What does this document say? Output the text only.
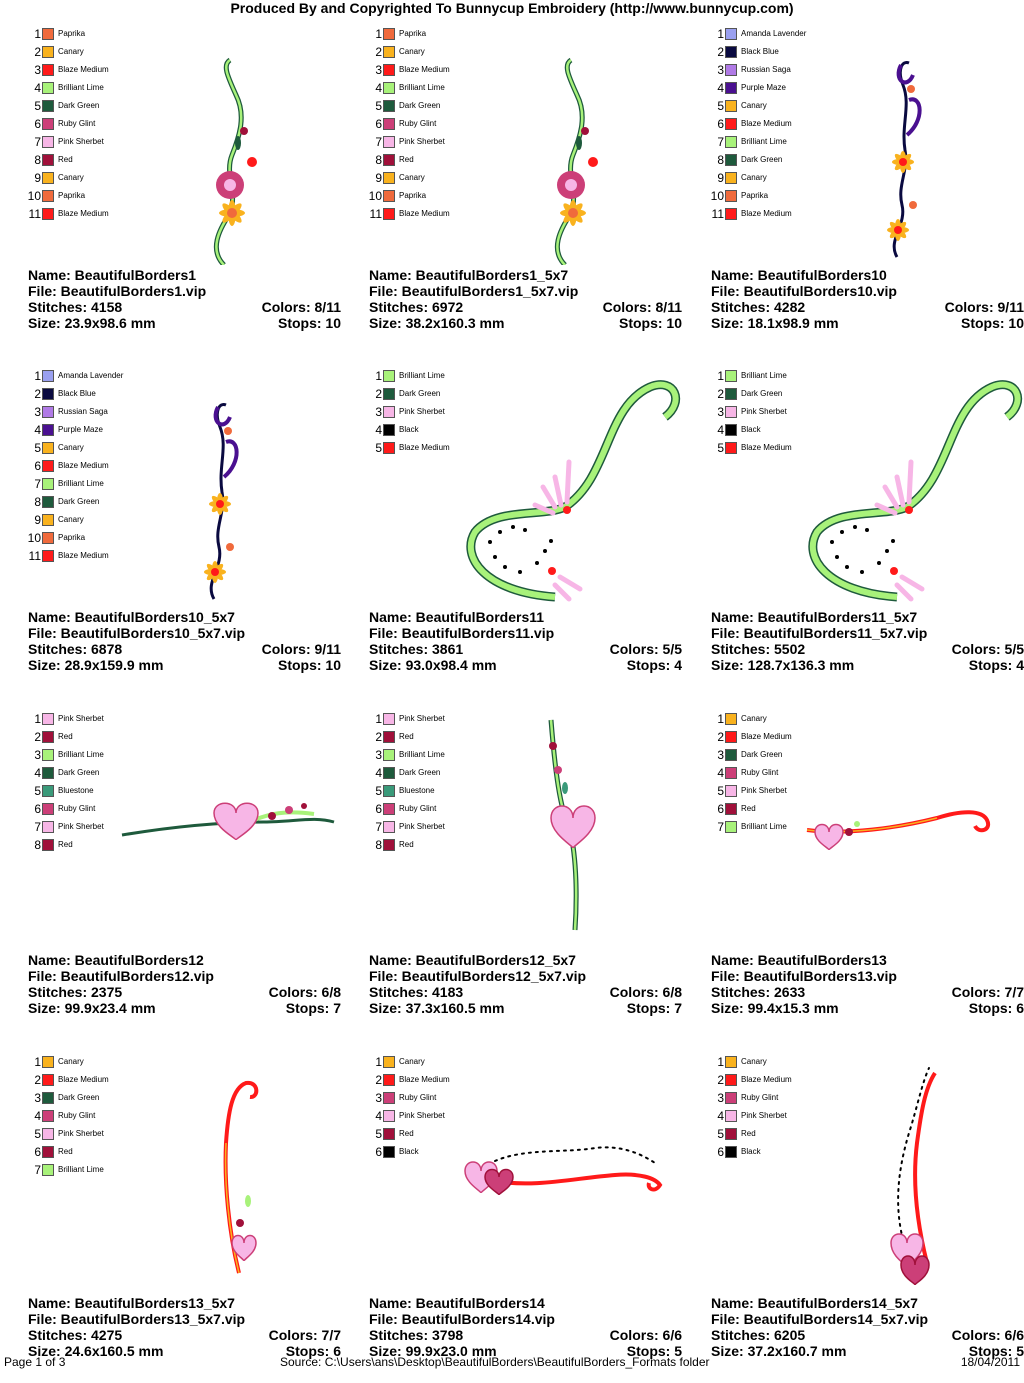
Produced By and Copyrighted To Bunnycup Embroidery (http://www.bunnycup.com)
1 Paprika
2 Canary
3 Blaze Medium
4 Brilliant Lime
5 Dark Green
6 Ruby Glint
7 Pink Sherbet
8 Red
9 Canary
10 Paprika
11 Blaze Medium
Name: BeautifulBorders1
File: BeautifulBorders1.vip
Stitches: 4158	Colors: 8/11
Size: 23.9x98.6 mm	Stops: 10
1 Paprika
2 Canary
3 Blaze Medium
4 Brilliant Lime
5 Dark Green
6 Ruby Glint
7 Pink Sherbet
8 Red
9 Canary
10 Paprika
11 Blaze Medium
Name: BeautifulBorders1_5x7
File: BeautifulBorders1_5x7.vip
Stitches: 6972	Colors: 8/11
Size: 38.2x160.3 mm	Stops: 10
1 Amanda Lavender
2 Black Blue
3 Russian Saga
4 Purple Maze
5 Canary
6 Blaze Medium
7 Brilliant Lime
8 Dark Green
9 Canary
10 Paprika
11 Blaze Medium
Name: BeautifulBorders10
File: BeautifulBorders10.vip
Stitches: 4282	Colors: 9/11
Size: 18.1x98.9 mm	Stops: 10
1 Amanda Lavender
2 Black Blue
3 Russian Saga
4 Purple Maze
5 Canary
6 Blaze Medium
7 Brilliant Lime
8 Dark Green
9 Canary
10 Paprika
11 Blaze Medium
Name: BeautifulBorders10_5x7
File: BeautifulBorders10_5x7.vip
Stitches: 6878	Colors: 9/11
Size: 28.9x159.9 mm	Stops: 10
1 Brilliant Lime
2 Dark Green
3 Pink Sherbet
4 Black
5 Blaze Medium
Name: BeautifulBorders11
File: BeautifulBorders11.vip
Stitches: 3861	Colors: 5/5
Size: 93.0x98.4 mm	Stops: 4
1 Brilliant Lime
2 Dark Green
3 Pink Sherbet
4 Black
5 Blaze Medium
Name: BeautifulBorders11_5x7
File: BeautifulBorders11_5x7.vip
Stitches: 5502	Colors: 5/5
Size: 128.7x136.3 mm	Stops: 4
1 Pink Sherbet
2 Red
3 Brilliant Lime
4 Dark Green
5 Bluestone
6 Ruby Glint
7 Pink Sherbet
8 Red
Name: BeautifulBorders12
File: BeautifulBorders12.vip
Stitches: 2375	Colors: 6/8
Size: 99.9x23.4 mm	Stops: 7
1 Pink Sherbet
2 Red
3 Brilliant Lime
4 Dark Green
5 Bluestone
6 Ruby Glint
7 Pink Sherbet
8 Red
Name: BeautifulBorders12_5x7
File: BeautifulBorders12_5x7.vip
Stitches: 4183	Colors: 6/8
Size: 37.3x160.5 mm	Stops: 7
1 Canary
2 Blaze Medium
3 Dark Green
4 Ruby Glint
5 Pink Sherbet
6 Red
7 Brilliant Lime
Name: BeautifulBorders13
File: BeautifulBorders13.vip
Stitches: 2633	Colors: 7/7
Size: 99.4x15.3 mm	Stops: 6
1 Canary
2 Blaze Medium
3 Dark Green
4 Ruby Glint
5 Pink Sherbet
6 Red
7 Brilliant Lime
Name: BeautifulBorders13_5x7
File: BeautifulBorders13_5x7.vip
Stitches: 4275	Colors: 7/7
Size: 24.6x160.5 mm	Stops: 6
1 Canary
2 Blaze Medium
3 Ruby Glint
4 Pink Sherbet
5 Red
6 Black
Name: BeautifulBorders14
File: BeautifulBorders14.vip
Stitches: 3798	Colors: 6/6
Size: 99.9x23.0 mm	Stops: 5
1 Canary
2 Blaze Medium
3 Ruby Glint
4 Pink Sherbet
5 Red
6 Black
Name: BeautifulBorders14_5x7
File: BeautifulBorders14_5x7.vip
Stitches: 6205	Colors: 6/6
Size: 37.2x160.7 mm	Stops: 5
Page 1 of 3	Source: C:\Users\ans\Desktop\BeautifulBorders\BeautifulBorders_Formats folder	18/04/2011
